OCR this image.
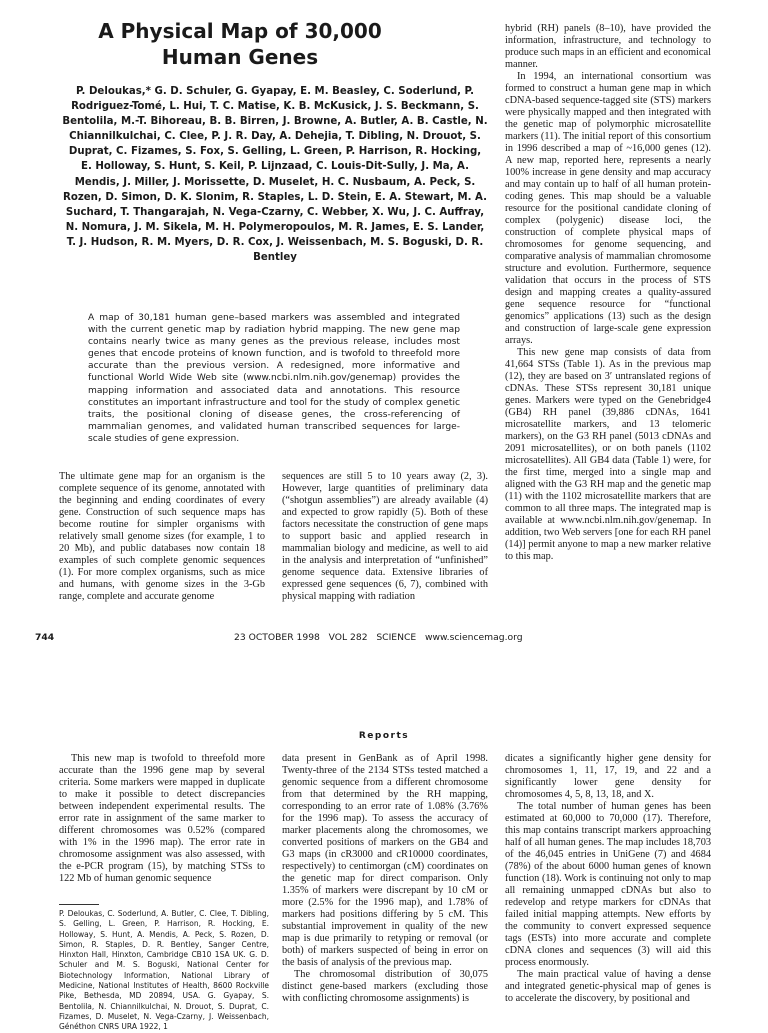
A Physical Map of 30,000 Human Genes

P. Deloukas,* G. D. Schuler, G. Gyapay, E. M. Beasley, C. Soderlund, P. Rodriguez-Tomé, L. Hui, T. C. Matise, K. B. McKusick, J. S. Beckmann, S. Bentolila, M.-T. Bihoreau, B. B. Birren, J. Browne, A. Butler, A. B. Castle, N. Chiannilkulchai, C. Clee, P. J. R. Day, A. Dehejia, T. Dibling, N. Drouot, S. Duprat, C. Fizames, S. Fox, S. Gelling, L. Green, P. Harrison, R. Hocking, E. Holloway, S. Hunt, S. Keil, P. Lijnzaad, C. Louis-Dit-Sully, J. Ma, A. Mendis, J. Miller, J. Morissette, D. Muselet, H. C. Nusbaum, A. Peck, S. Rozen, D. Simon, D. K. Slonim, R. Staples, L. D. Stein, E. A. Stewart, M. A. Suchard, T. Thangarajah, N. Vega-Czarny, C. Webber, X. Wu, J. C. Auffray, N. Nomura, J. M. Sikela, M. H. Polymeropoulos, M. R. James, E. S. Lander, T. J. Hudson, R. M. Myers, D. R. Cox, J. Weissenbach, M. S. Boguski, D. R. Bentley

A map of 30,181 human gene–based markers was assembled and integrated with the current genetic map by radiation hybrid mapping. The new gene map contains nearly twice as many genes as the previous release, includes most genes that encode proteins of known function, and is twofold to threefold more accurate than the previous version. A redesigned, more informative and functional World Wide Web site (www.ncbi.nlm.nih.gov/genemap) provides the mapping information and associated data and annotations. This resource constitutes an important infrastructure and tool for the study of complex genetic traits, the positional cloning of disease genes, the cross-referencing of mammalian genomes, and validated human transcribed sequences for large-scale studies of gene expression.

The ultimate gene map for an organism is the complete sequence of its genome, annotated with the beginning and ending coordinates of every gene. Construction of such sequence maps has become routine for simpler organisms with relatively small genome sizes (for example, 1 to 20 Mb), and public databases now contain 18 examples of such complete genomic sequences (1). For more complex organisms, such as mice and humans, with genome sizes in the 3-Gb range, complete and accurate genome

sequences are still 5 to 10 years away (2, 3). However, large quantities of preliminary data (“shotgun assemblies”) are already available (4) and expected to grow rapidly (5). Both of these factors necessitate the construction of gene maps to support basic and applied research in mammalian biology and medicine, as well to aid in the analysis and interpretation of “unfinished” genome sequence data. Extensive libraries of expressed gene sequences (6, 7), combined with physical mapping with radiation

hybrid (RH) panels (8–10), have provided the information, infrastructure, and technology to produce such maps in an efficient and economical manner.

In 1994, an international consortium was formed to construct a human gene map in which cDNA-based sequence-tagged site (STS) markers were physically mapped and then integrated with the genetic map of polymorphic microsatellite markers (11). The initial report of this consortium in 1996 described a map of ~16,000 genes (12). A new map, reported here, represents a nearly 100% increase in gene density and map accuracy and may contain up to half of all human protein-coding genes. This map should be a valuable resource for the positional candidate cloning of complex (polygenic) disease loci, the construction of complete physical maps of chromosomes for genome sequencing, and comparative analysis of mammalian chromosome structure and evolution. Furthermore, sequence validation that occurs in the process of STS design and mapping creates a quality-assured gene sequence resource for “functional genomics” applications (13) such as the design and construction of large-scale gene expression arrays.

This new gene map consists of data from 41,664 STSs (Table 1). As in the previous map (12), they are based on 3′ untranslated regions of cDNAs. These STSs represent 30,181 unique genes. Markers were typed on the Genebridge4 (GB4) RH panel (39,886 cDNAs, 1641 microsatellite markers, and 13 telomeric markers), on the G3 RH panel (5013 cDNAs and 2091 microsatellites), or on both panels (1102 microsatellites). All GB4 data (Table 1) were, for the first time, merged into a single map and aligned with the G3 RH map and the genetic map (11) with the 1102 microsatellite markers that are common to all three maps. The integrated map is available at www.ncbi.nlm.nih.gov/genemap. In addition, two Web servers [one for each RH panel (14)] permit anyone to map a new marker relative to this map.

744	23 OCTOBER 1998   VOL 282   SCIENCE   www.sciencemag.org
Reports

This new map is twofold to threefold more accurate than the 1996 gene map by several criteria. Some markers were mapped in duplicate to make it possible to detect discrepancies between independent experimental results. The error rate in assignment of the same marker to different chromosomes was 0.52% (compared with 1% in the 1996 map). The error rate in chromosome assignment was also assessed, with the e-PCR program (15), by matching STSs to 122 Mb of human genomic sequence

P. Deloukas, C. Soderlund, A. Butler, C. Clee, T. Dibling, S. Gelling, L. Green, P. Harrison, R. Hocking, E. Holloway, S. Hunt, A. Mendis, A. Peck, S. Rozen, D. Simon, R. Staples, D. R. Bentley, Sanger Centre, Hinxton Hall, Hinxton, Cambridge CB10 1SA UK. G. D. Schuler and M. S. Boguski, National Center for Biotechnology Information, National Library of Medicine, National Institutes of Health, 8600 Rockville Pike, Bethesda, MD 20894, USA. G. Gyapay, S. Bentolila, N. Chiannilkulchai, N. Drouot, S. Duprat, C. Fizames, D. Muselet, N. Vega-Czarny, J. Weissenbach, Généthon CNRS URA 1922, 1

data present in GenBank as of April 1998. Twenty-three of the 2134 STSs tested matched a genomic sequence from a different chromosome from that determined by the RH mapping, corresponding to an error rate of 1.08% (3.76% for the 1996 map). To assess the accuracy of marker placements along the chromosomes, we converted positions of markers on the GB4 and G3 maps (in cR3000 and cR10000 coordinates, respectively) to centimorgan (cM) coordinates on the genetic map for direct comparison. Only 1.35% of markers were discrepant by 10 cM or more (2.5% for the 1996 map), and 1.78% of markers had positions differing by 5 cM. This substantial improvement in quality of the new map is due primarily to retyping or removal (or both) of markers suspected of being in error on the basis of analysis of the previous map.

The chromosomal distribution of 30,075 distinct gene-based markers (excluding those with conflicting chromosome assignments) is

dicates a significantly higher gene density for chromosomes 1, 11, 17, 19, and 22 and a significantly lower gene density for chromosomes 4, 5, 8, 13, 18, and X.

The total number of human genes has been estimated at 60,000 to 70,000 (17). Therefore, this map contains transcript markers approaching half of all human genes. The map includes 18,703 of the 46,045 entries in UniGene (7) and 4684 (78%) of the about 6000 human genes of known function (18). Work is continuing not only to map all remaining unmapped cDNAs but also to redevelop and retype markers for cDNAs that failed initial mapping attempts. New efforts by the community to convert expressed sequence tags (ESTs) into more accurate and complete cDNA clones and sequences (3) will aid this process enormously.

The main practical value of having a dense and integrated genetic-physical map of genes is to accelerate the discovery, by positional and
